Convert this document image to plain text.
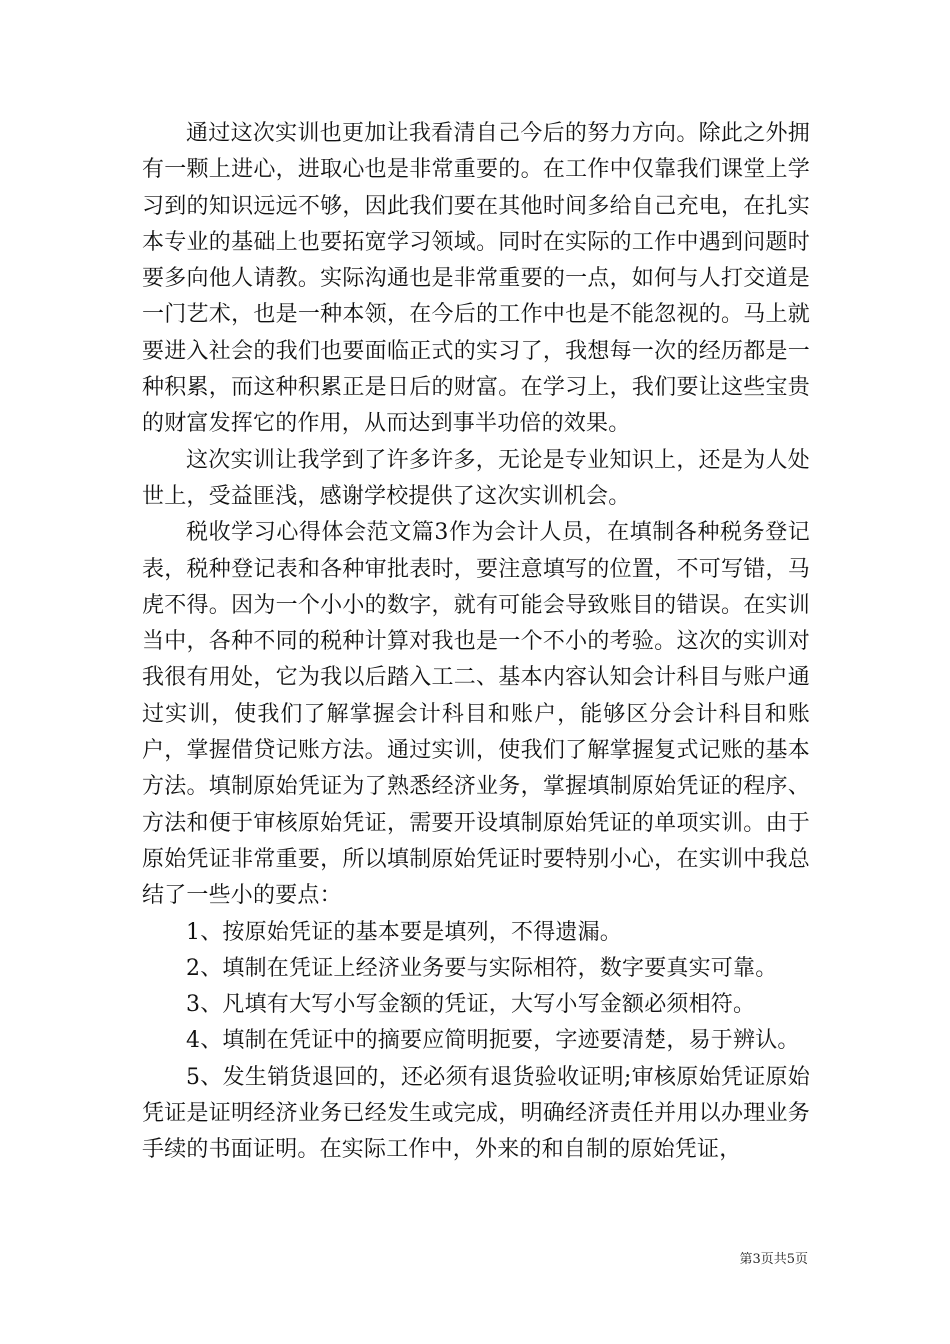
通过这次实训也更加让我看清自己今后的努力方向。除此之外拥有一颗上进心，进取心也是非常重要的。在工作中仅靠我们课堂上学习到的知识远远不够，因此我们要在其他时间多给自己充电，在扎实本专业的基础上也要拓宽学习领域。同时在实际的工作中遇到问题时要多向他人请教。实际沟通也是非常重要的一点，如何与人打交道是一门艺术，也是一种本领，在今后的工作中也是不能忽视的。马上就要进入社会的我们也要面临正式的实习了，我想每一次的经历都是一种积累，而这种积累正是日后的财富。在学习上，我们要让这些宝贵的财富发挥它的作用，从而达到事半功倍的效果。

这次实训让我学到了许多许多，无论是专业知识上，还是为人处世上，受益匪浅，感谢学校提供了这次实训机会。

税收学习心得体会范文篇3作为会计人员，在填制各种税务登记表，税种登记表和各种审批表时，要注意填写的位置，不可写错，马虎不得。因为一个小小的数字，就有可能会导致账目的错误。在实训当中，各种不同的税种计算对我也是一个不小的考验。这次的实训对我很有用处，它为我以后踏入工二、基本内容认知会计科目与账户通过实训，使我们了解掌握会计科目和账户，能够区分会计科目和账户，掌握借贷记账方法。通过实训，使我们了解掌握复式记账的基本方法。填制原始凭证为了熟悉经济业务，掌握填制原始凭证的程序、方法和便于审核原始凭证，需要开设填制原始凭证的单项实训。由于原始凭证非常重要，所以填制原始凭证时要特别小心，在实训中我总结了一些小的要点：

1、按原始凭证的基本要是填列，不得遗漏。

2、填制在凭证上经济业务要与实际相符，数字要真实可靠。

3、凡填有大写小写金额的凭证，大写小写金额必须相符。

4、填制在凭证中的摘要应简明扼要，字迹要清楚，易于辨认。

5、发生销货退回的，还必须有退货验收证明;审核原始凭证原始凭证是证明经济业务已经发生或完成，明确经济责任并用以办理业务手续的书面证明。在实际工作中，外来的和自制的原始凭证，

第3页共5页
